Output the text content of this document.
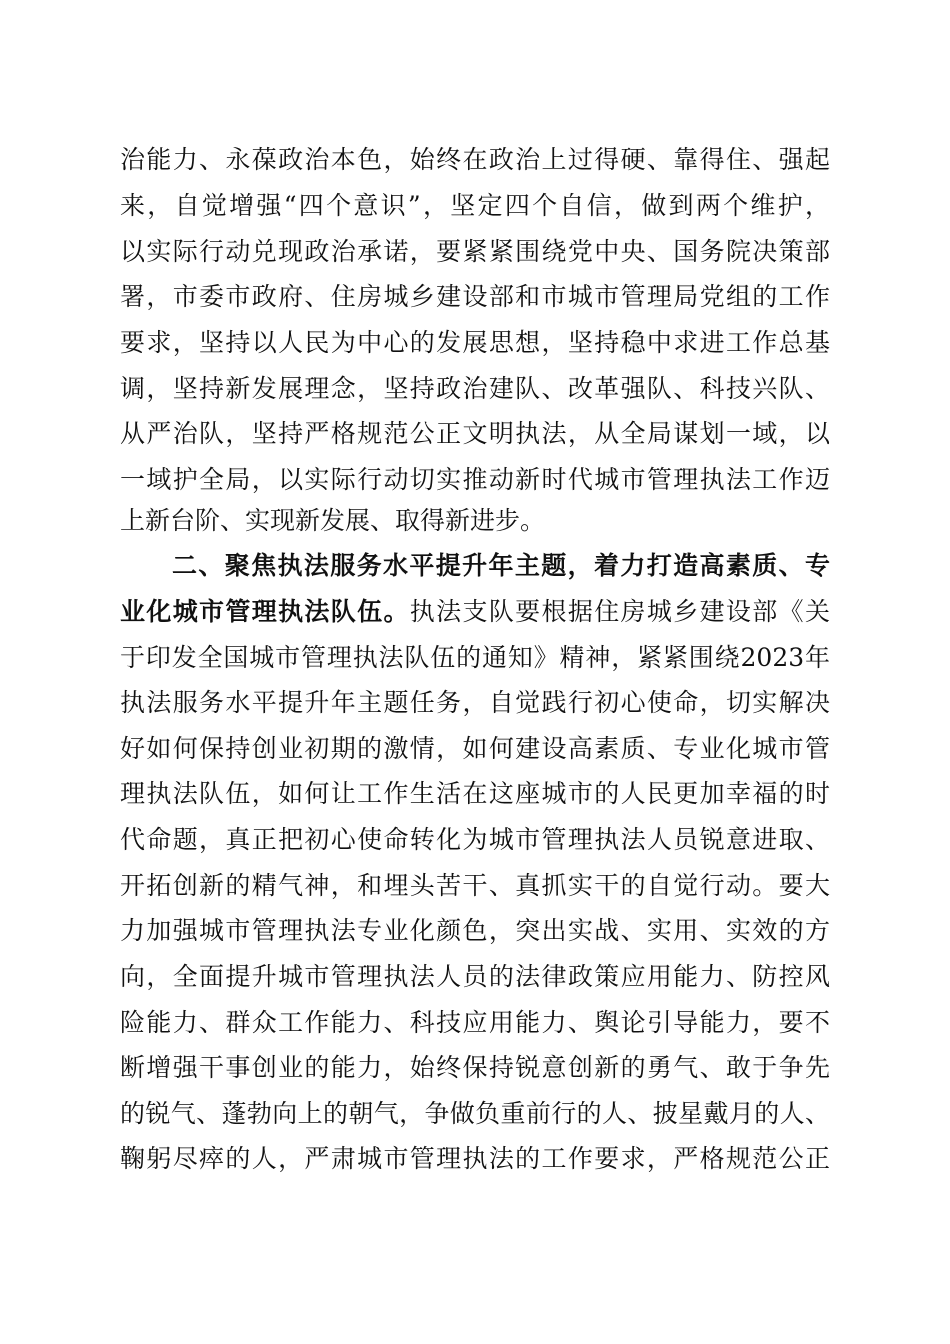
治能力、永葆政治本色，始终在政治上过得硬、靠得住、强起
来，自觉增强“四个意识”，坚定四个自信，做到两个维护，
以实际行动兑现政治承诺，要紧紧围绕党中央、国务院决策部
署，市委市政府、住房城乡建设部和市城市管理局党组的工作
要求，坚持以人民为中心的发展思想，坚持稳中求进工作总基
调，坚持新发展理念，坚持政治建队、改革强队、科技兴队、
从严治队，坚持严格规范公正文明执法，从全局谋划一域，以
一域护全局，以实际行动切实推动新时代城市管理执法工作迈
上新台阶、实现新发展、取得新进步。
二、聚焦执法服务水平提升年主题，着力打造高素质、专
业化城市管理执法队伍。执法支队要根据住房城乡建设部《关
于印发全国城市管理执法队伍的通知》精神，紧紧围绕2023年
执法服务水平提升年主题任务，自觉践行初心使命，切实解决
好如何保持创业初期的激情，如何建设高素质、专业化城市管
理执法队伍，如何让工作生活在这座城市的人民更加幸福的时
代命题，真正把初心使命转化为城市管理执法人员锐意进取、
开拓创新的精气神，和埋头苦干、真抓实干的自觉行动。要大
力加强城市管理执法专业化颜色，突出实战、实用、实效的方
向，全面提升城市管理执法人员的法律政策应用能力、防控风
险能力、群众工作能力、科技应用能力、舆论引导能力，要不
断增强干事创业的能力，始终保持锐意创新的勇气、敢于争先
的锐气、蓬勃向上的朝气，争做负重前行的人、披星戴月的人、
鞠躬尽瘁的人，严肃城市管理执法的工作要求，严格规范公正
